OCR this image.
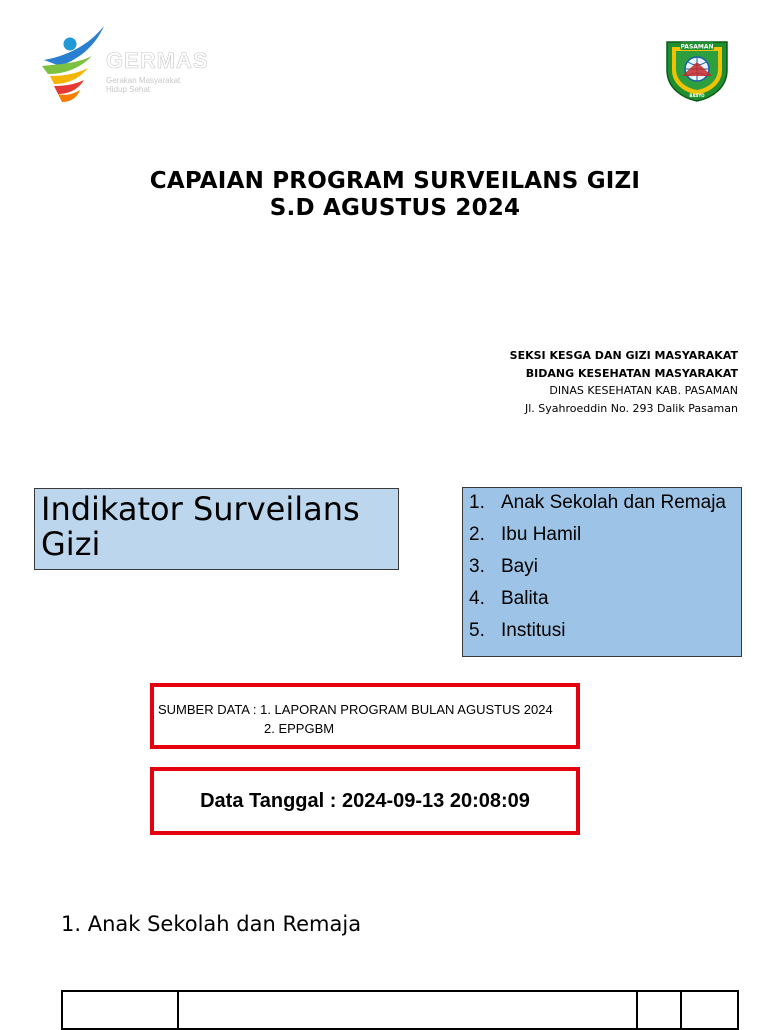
GERMAS
Gerakan Masyarakat
Hidup Sehat
PASAMAN
BASYO
CAPAIAN PROGRAM SURVEILANS GIZI
S.D AGUSTUS 2024
SEKSI KESGA DAN GIZI MASYARAKAT
BIDANG KESEHATAN MASYARAKAT
DINAS KESEHATAN KAB. PASAMAN
Jl. Syahroeddin No. 293 Dalik Pasaman
Indikator Surveilans Gizi
1. Anak Sekolah dan Remaja
2. Ibu Hamil
3. Bayi
4. Balita
5. Institusi
SUMBER DATA : 1. LAPORAN PROGRAM BULAN AGUSTUS 2024
2. EPPGBM
Data Tanggal : 2024-09-13 20:08:09
1. Anak Sekolah dan Remaja
